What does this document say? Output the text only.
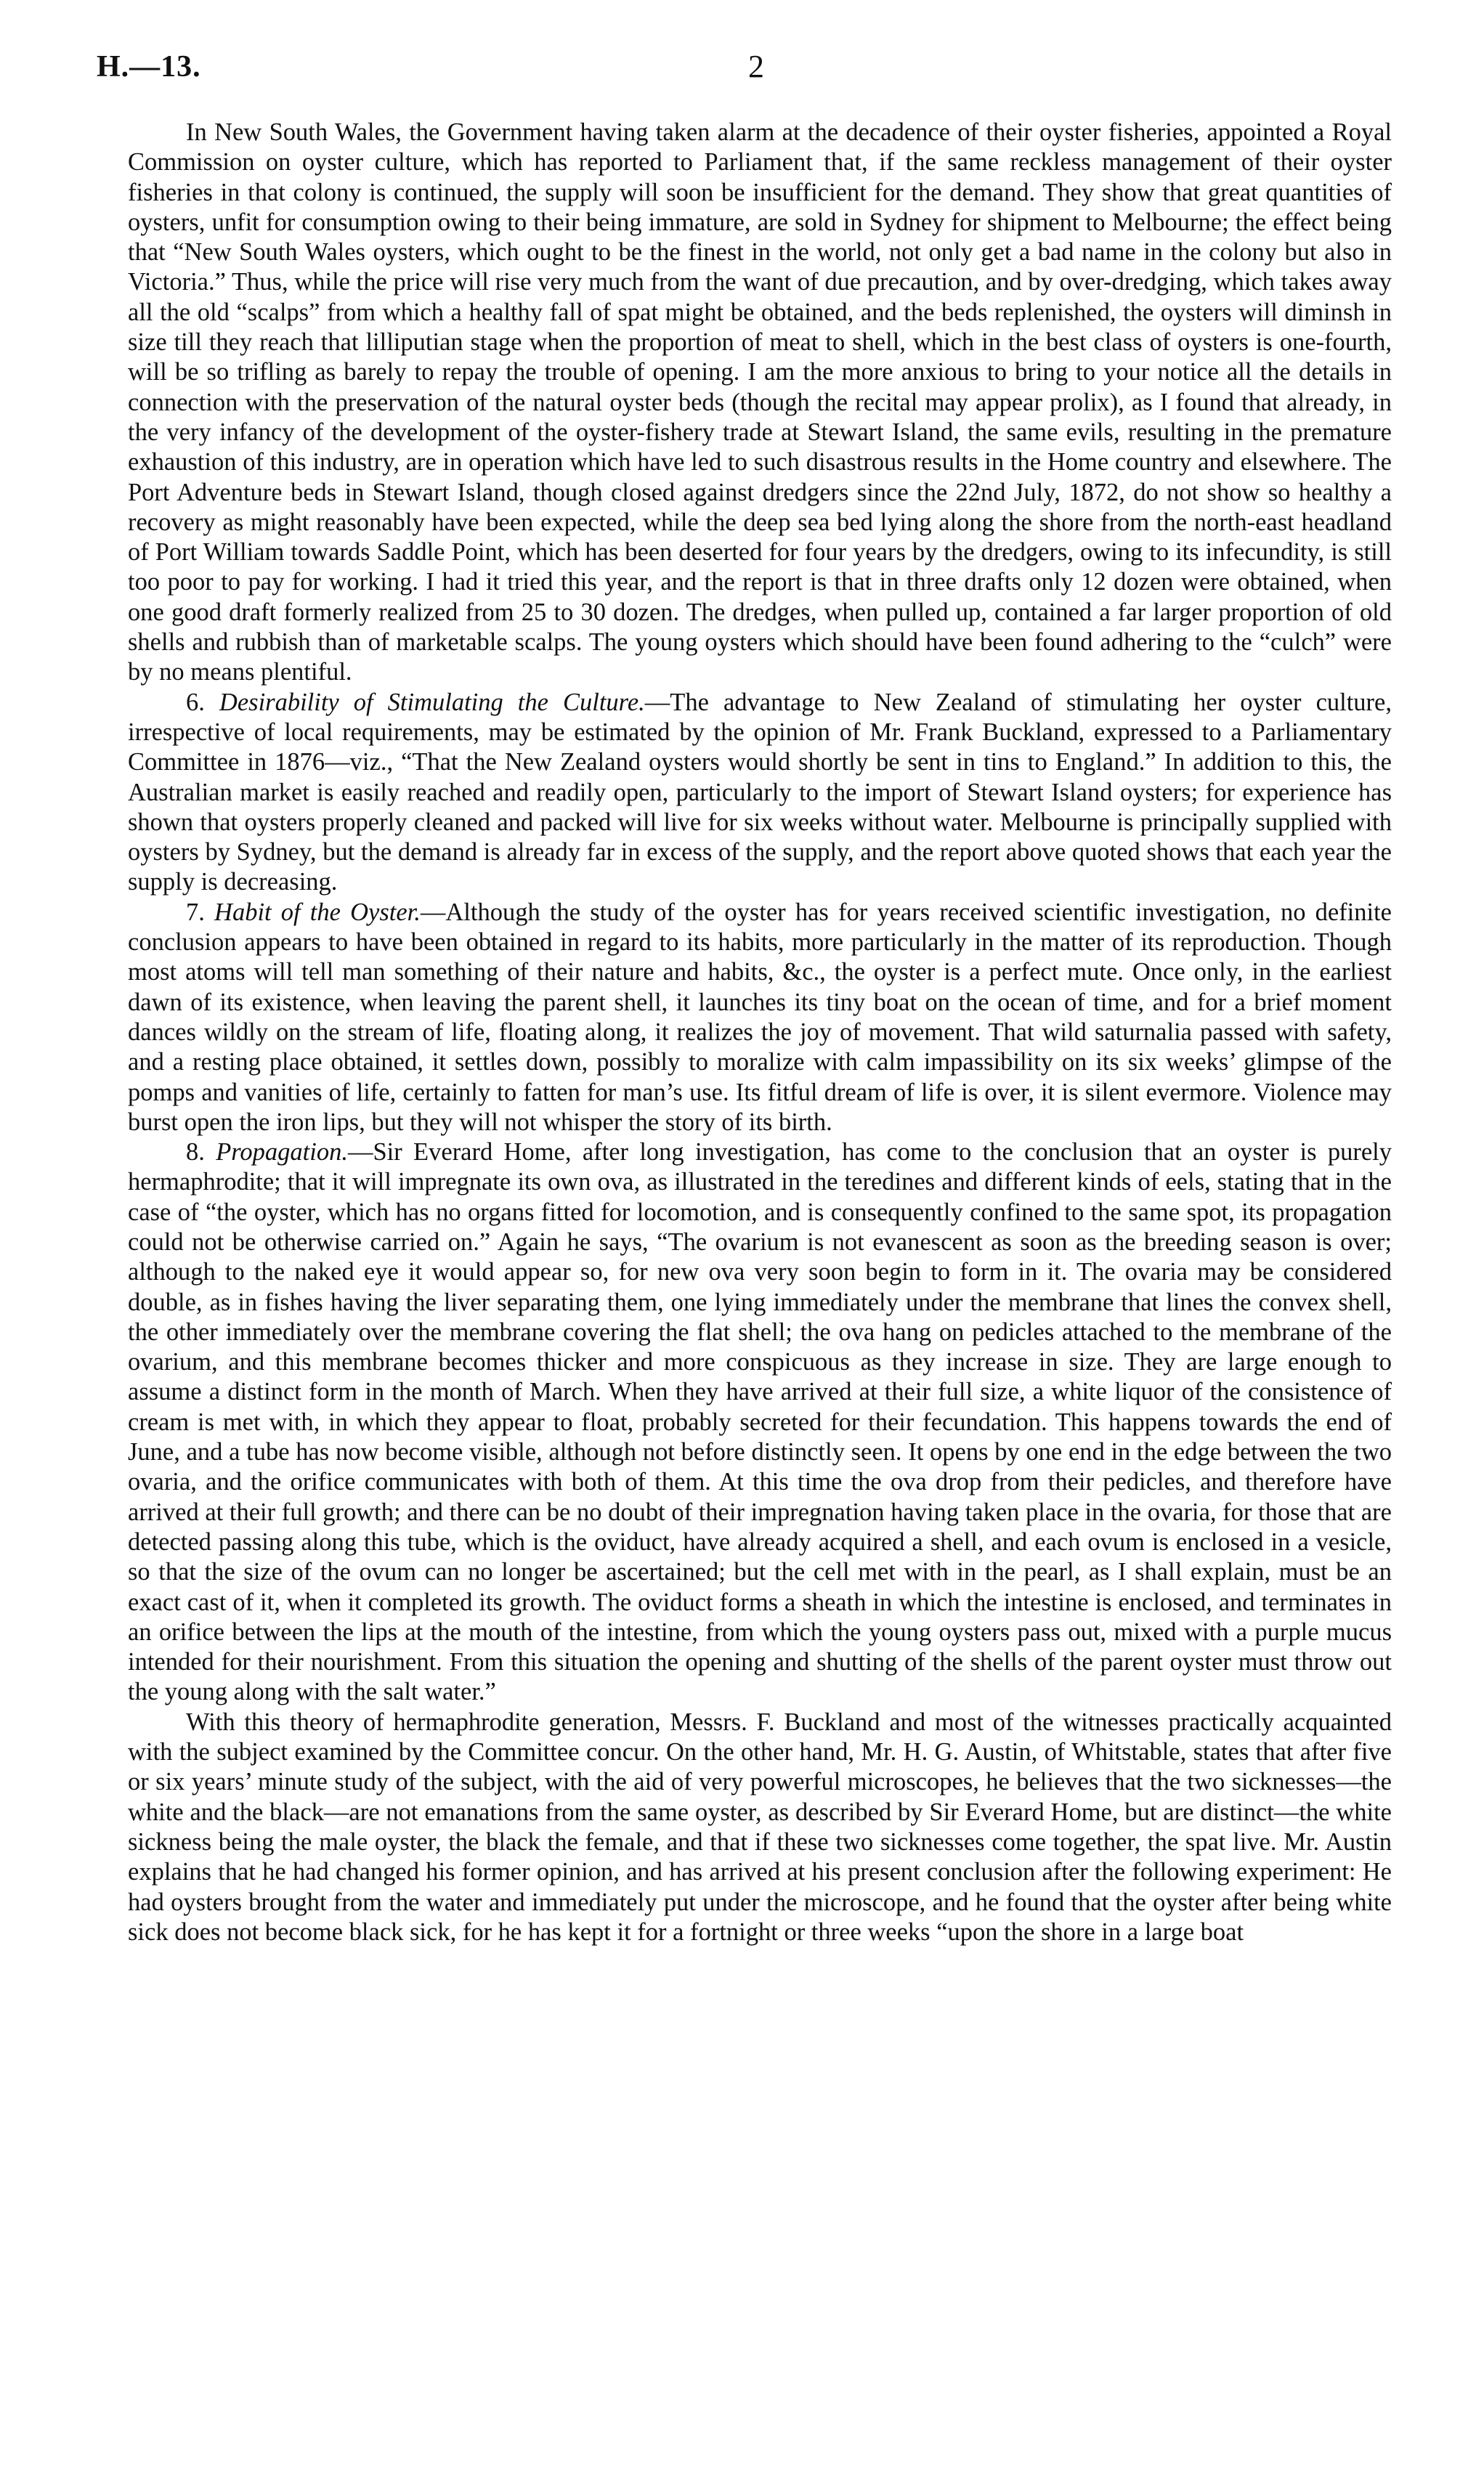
H.—13.	2

In New South Wales, the Government having taken alarm at the decadence of their oyster fisheries, appointed a Royal Commission on oyster culture, which has reported to Parliament that, if the same reckless management of their oyster fisheries in that colony is continued, the supply will soon be insufficient for the demand. They show that great quantities of oysters, unfit for consumption owing to their being immature, are sold in Sydney for shipment to Melbourne; the effect being that “New South Wales oysters, which ought to be the finest in the world, not only get a bad name in the colony but also in Victoria.” Thus, while the price will rise very much from the want of due precaution, and by over-dredging, which takes away all the old “scalps” from which a healthy fall of spat might be obtained, and the beds replenished, the oysters will diminsh in size till they reach that lilliputian stage when the proportion of meat to shell, which in the best class of oysters is one-fourth, will be so trifling as barely to repay the trouble of opening. I am the more anxious to bring to your notice all the details in connection with the preservation of the natural oyster beds (though the recital may appear prolix), as I found that already, in the very infancy of the development of the oyster-fishery trade at Stewart Island, the same evils, resulting in the premature exhaustion of this industry, are in operation which have led to such disastrous results in the Home country and elsewhere. The Port Adventure beds in Stewart Island, though closed against dredgers since the 22nd July, 1872, do not show so healthy a recovery as might reasonably have been expected, while the deep sea bed lying along the shore from the north-east headland of Port William towards Saddle Point, which has been deserted for four years by the dredgers, owing to its infecundity, is still too poor to pay for working. I had it tried this year, and the report is that in three drafts only 12 dozen were obtained, when one good draft formerly realized from 25 to 30 dozen. The dredges, when pulled up, contained a far larger proportion of old shells and rubbish than of marketable scalps. The young oysters which should have been found adhering to the “culch” were by no means plentiful.

6. Desirability of Stimulating the Culture.—The advantage to New Zealand of stimulating her oyster culture, irrespective of local requirements, may be estimated by the opinion of Mr. Frank Buckland, expressed to a Parliamentary Committee in 1876—viz., “That the New Zealand oysters would shortly be sent in tins to England.” In addition to this, the Australian market is easily reached and readily open, particularly to the import of Stewart Island oysters; for experience has shown that oysters properly cleaned and packed will live for six weeks without water. Melbourne is principally supplied with oysters by Sydney, but the demand is already far in excess of the supply, and the report above quoted shows that each year the supply is decreasing.

7. Habit of the Oyster.—Although the study of the oyster has for years received scientific investigation, no definite conclusion appears to have been obtained in regard to its habits, more particularly in the matter of its reproduction. Though most atoms will tell man something of their nature and habits, &c., the oyster is a perfect mute. Once only, in the earliest dawn of its existence, when leaving the parent shell, it launches its tiny boat on the ocean of time, and for a brief moment dances wildly on the stream of life, floating along, it realizes the joy of movement. That wild saturnalia passed with safety, and a resting place obtained, it settles down, possibly to moralize with calm impassibility on its six weeks’ glimpse of the pomps and vanities of life, certainly to fatten for man’s use. Its fitful dream of life is over, it is silent evermore. Violence may burst open the iron lips, but they will not whisper the story of its birth.

8. Propagation.—Sir Everard Home, after long investigation, has come to the conclusion that an oyster is purely hermaphrodite; that it will impregnate its own ova, as illustrated in the teredines and different kinds of eels, stating that in the case of “the oyster, which has no organs fitted for locomotion, and is consequently confined to the same spot, its propagation could not be otherwise carried on.” Again he says, “The ovarium is not evanescent as soon as the breeding season is over; although to the naked eye it would appear so, for new ova very soon begin to form in it. The ovaria may be considered double, as in fishes having the liver separating them, one lying immediately under the membrane that lines the convex shell, the other immediately over the membrane covering the flat shell; the ova hang on pedicles attached to the membrane of the ovarium, and this membrane becomes thicker and more conspicuous as they increase in size. They are large enough to assume a distinct form in the month of March. When they have arrived at their full size, a white liquor of the consistence of cream is met with, in which they appear to float, probably secreted for their fecundation. This happens towards the end of June, and a tube has now become visible, although not before distinctly seen. It opens by one end in the edge between the two ovaria, and the orifice communicates with both of them. At this time the ova drop from their pedicles, and therefore have arrived at their full growth; and there can be no doubt of their impregnation having taken place in the ovaria, for those that are detected passing along this tube, which is the oviduct, have already acquired a shell, and each ovum is enclosed in a vesicle, so that the size of the ovum can no longer be ascertained; but the cell met with in the pearl, as I shall explain, must be an exact cast of it, when it completed its growth. The oviduct forms a sheath in which the intestine is enclosed, and terminates in an orifice between the lips at the mouth of the intestine, from which the young oysters pass out, mixed with a purple mucus intended for their nourishment. From this situation the opening and shutting of the shells of the parent oyster must throw out the young along with the salt water.”

With this theory of hermaphrodite generation, Messrs. F. Buckland and most of the witnesses practically acquainted with the subject examined by the Committee concur. On the other hand, Mr. H. G. Austin, of Whitstable, states that after five or six years’ minute study of the subject, with the aid of very powerful microscopes, he believes that the two sicknesses—the white and the black—are not emanations from the same oyster, as described by Sir Everard Home, but are distinct—the white sickness being the male oyster, the black the female, and that if these two sicknesses come together, the spat live. Mr. Austin explains that he had changed his former opinion, and has arrived at his present conclusion after the following experiment: He had oysters brought from the water and immediately put under the microscope, and he found that the oyster after being white sick does not become black sick, for he has kept it for a fortnight or three weeks “upon the shore in a large boat
